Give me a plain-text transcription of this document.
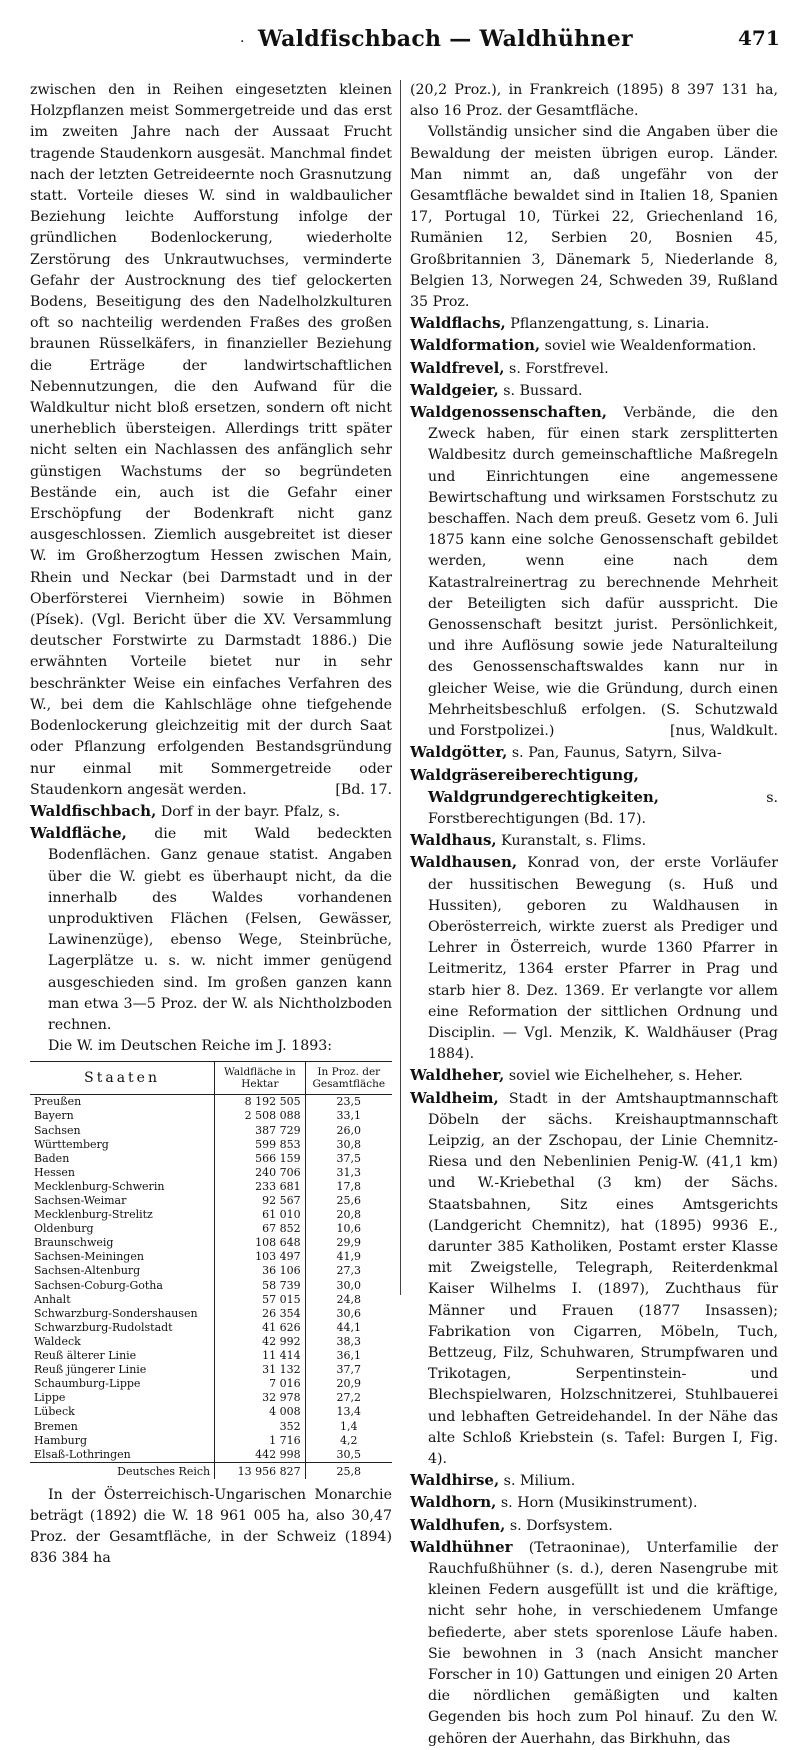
. Waldfischbach — Waldhühner	471

zwischen den in Reihen eingesetzten kleinen Holzpflanzen meist Sommergetreide und das erst im zweiten Jahre nach der Aussaat Frucht tragende Staudenkorn ausgesät. Manchmal findet nach der letzten Getreideernte noch Grasnutzung statt. Vorteile dieses W. sind in waldbaulicher Beziehung leichte Aufforstung infolge der gründlichen Bodenlockerung, wiederholte Zerstörung des Unkrautwuchses, verminderte Gefahr der Austrocknung des tief gelockerten Bodens, Beseitigung des den Nadelholzkulturen oft so nachteilig werdenden Fraßes des großen braunen Rüsselkäfers, in finanzieller Beziehung die Erträge der landwirtschaftlichen Nebennutzungen, die den Aufwand für die Waldkultur nicht bloß ersetzen, sondern oft nicht unerheblich übersteigen. Allerdings tritt später nicht selten ein Nachlassen des anfänglich sehr günstigen Wachstums der so begründeten Bestände ein, auch ist die Gefahr einer Erschöpfung der Bodenkraft nicht ganz ausgeschlossen. Ziemlich ausgebreitet ist dieser W. im Großherzogtum Hessen zwischen Main, Rhein und Neckar (bei Darmstadt und in der Oberförsterei Viernheim) sowie in Böhmen (Písek). (Vgl. Bericht über die XV. Versammlung deutscher Forstwirte zu Darmstadt 1886.) Die erwähnten Vorteile bietet nur in sehr beschränkter Weise ein einfaches Verfahren des W., bei dem die Kahlschläge ohne tiefgehende Bodenlockerung gleichzeitig mit der durch Saat oder Pflanzung erfolgenden Bestandsgründung nur einmal mit Sommergetreide oder Staudenkorn angesät werden.	[Bd. 17.

Waldfischbach, Dorf in der bayr. Pfalz, s.

Waldfläche, die mit Wald bedeckten Bodenflächen. Ganz genaue statist. Angaben über die W. giebt es überhaupt nicht, da die innerhalb des Waldes vorhandenen unproduktiven Flächen (Felsen, Gewässer, Lawinenzüge), ebenso Wege, Steinbrüche, Lagerplätze u. s. w. nicht immer genügend ausgeschieden sind. Im großen ganzen kann man etwa 3—5 Proz. der W. als Nichtholzboden rechnen.

Die W. im Deutschen Reiche im J. 1893:

Staaten	Waldfläche in Hektar	In Proz. der Gesamtfläche
Preußen	8 192 505	23,5
Bayern	2 508 088	33,1
Sachsen	387 729	26,0
Württemberg	599 853	30,8
Baden	566 159	37,5
Hessen	240 706	31,3
Mecklenburg-Schwerin	233 681	17,8
Sachsen-Weimar	92 567	25,6
Mecklenburg-Strelitz	61 010	20,8
Oldenburg	67 852	10,6
Braunschweig	108 648	29,9
Sachsen-Meiningen	103 497	41,9
Sachsen-Altenburg	36 106	27,3
Sachsen-Coburg-Gotha	58 739	30,0
Anhalt	57 015	24,8
Schwarzburg-Sondershausen	26 354	30,6
Schwarzburg-Rudolstadt	41 626	44,1
Waldeck	42 992	38,3
Reuß älterer Linie	11 414	36,1
Reuß jüngerer Linie	31 132	37,7
Schaumburg-Lippe	7 016	20,9
Lippe	32 978	27,2
Lübeck	4 008	13,4
Bremen	352	1,4
Hamburg	1 716	4,2
Elsaß-Lothringen	442 998	30,5
Deutsches Reich	13 956 827	25,8

In der Österreichisch-Ungarischen Monarchie beträgt (1892) die W. 18 961 005 ha, also 30,47 Proz. der Gesamtfläche, in der Schweiz (1894) 836 384 ha

(20,2 Proz.), in Frankreich (1895) 8 397 131 ha, also 16 Proz. der Gesamtfläche.

Vollständig unsicher sind die Angaben über die Bewaldung der meisten übrigen europ. Länder. Man nimmt an, daß ungefähr von der Gesamtfläche bewaldet sind in Italien 18, Spanien 17, Portugal 10, Türkei 22, Griechenland 16, Rumänien 12, Serbien 20, Bosnien 45, Großbritannien 3, Dänemark 5, Niederlande 8, Belgien 13, Norwegen 24, Schweden 39, Rußland 35 Proz.

Waldflachs, Pflanzengattung, s. Linaria.

Waldformation, soviel wie Wealdenformation.

Waldfrevel, s. Forstfrevel.

Waldgeier, s. Bussard.

Waldgenossenschaften, Verbände, die den Zweck haben, für einen stark zersplitterten Waldbesitz durch gemeinschaftliche Maßregeln und Einrichtungen eine angemessene Bewirtschaftung und wirksamen Forstschutz zu beschaffen. Nach dem preuß. Gesetz vom 6. Juli 1875 kann eine solche Genossenschaft gebildet werden, wenn eine nach dem Katastralreinertrag zu berechnende Mehrheit der Beteiligten sich dafür ausspricht. Die Genossenschaft besitzt jurist. Persönlichkeit, und ihre Auflösung sowie jede Naturalteilung des Genossenschaftswaldes kann nur in gleicher Weise, wie die Gründung, durch einen Mehrheitsbeschluß erfolgen. (S. Schutzwald und Forstpolizei.)	[nus, Waldkult.

Waldgötter, s. Pan, Faunus, Satyrn, Silva-

Waldgräsereiberechtigung, Waldgrundgerechtigkeiten, s. Forstberechtigungen (Bd. 17).

Waldhaus, Kuranstalt, s. Flims.

Waldhausen, Konrad von, der erste Vorläufer der hussitischen Bewegung (s. Huß und Hussiten), geboren zu Waldhausen in Oberösterreich, wirkte zuerst als Prediger und Lehrer in Österreich, wurde 1360 Pfarrer in Leitmeritz, 1364 erster Pfarrer in Prag und starb hier 8. Dez. 1369. Er verlangte vor allem eine Reformation der sittlichen Ordnung und Disciplin. — Vgl. Menzik, K. Waldhäuser (Prag 1884).

Waldheher, soviel wie Eichelheher, s. Heher.

Waldheim, Stadt in der Amtshauptmannschaft Döbeln der sächs. Kreishauptmannschaft Leipzig, an der Zschopau, der Linie Chemnitz-Riesa und den Nebenlinien Penig-W. (41,1 km) und W.-Kriebethal (3 km) der Sächs. Staatsbahnen, Sitz eines Amtsgerichts (Landgericht Chemnitz), hat (1895) 9936 E., darunter 385 Katholiken, Postamt erster Klasse mit Zweigstelle, Telegraph, Reiterdenkmal Kaiser Wilhelms I. (1897), Zuchthaus für Männer und Frauen (1877 Insassen); Fabrikation von Cigarren, Möbeln, Tuch, Bettzeug, Filz, Schuhwaren, Strumpfwaren und Trikotagen, Serpentinstein- und Blechspielwaren, Holzschnitzerei, Stuhlbauerei und lebhaften Getreidehandel. In der Nähe das alte Schloß Kriebstein (s. Tafel: Burgen I, Fig. 4).

Waldhirse, s. Milium.

Waldhorn, s. Horn (Musikinstrument).

Waldhufen, s. Dorfsystem.

Waldhühner (Tetraoninae), Unterfamilie der Rauchfußhühner (s. d.), deren Nasengrube mit kleinen Federn ausgefüllt ist und die kräftige, nicht sehr hohe, in verschiedenem Umfange befiederte, aber stets sporenlose Läufe haben. Sie bewohnen in 3 (nach Ansicht mancher Forscher in 10) Gattungen und einigen 20 Arten die nördlichen gemäßigten und kalten Gegenden bis hoch zum Pol hinauf. Zu den W. gehören der Auerhahn, das Birkhuhn, das
